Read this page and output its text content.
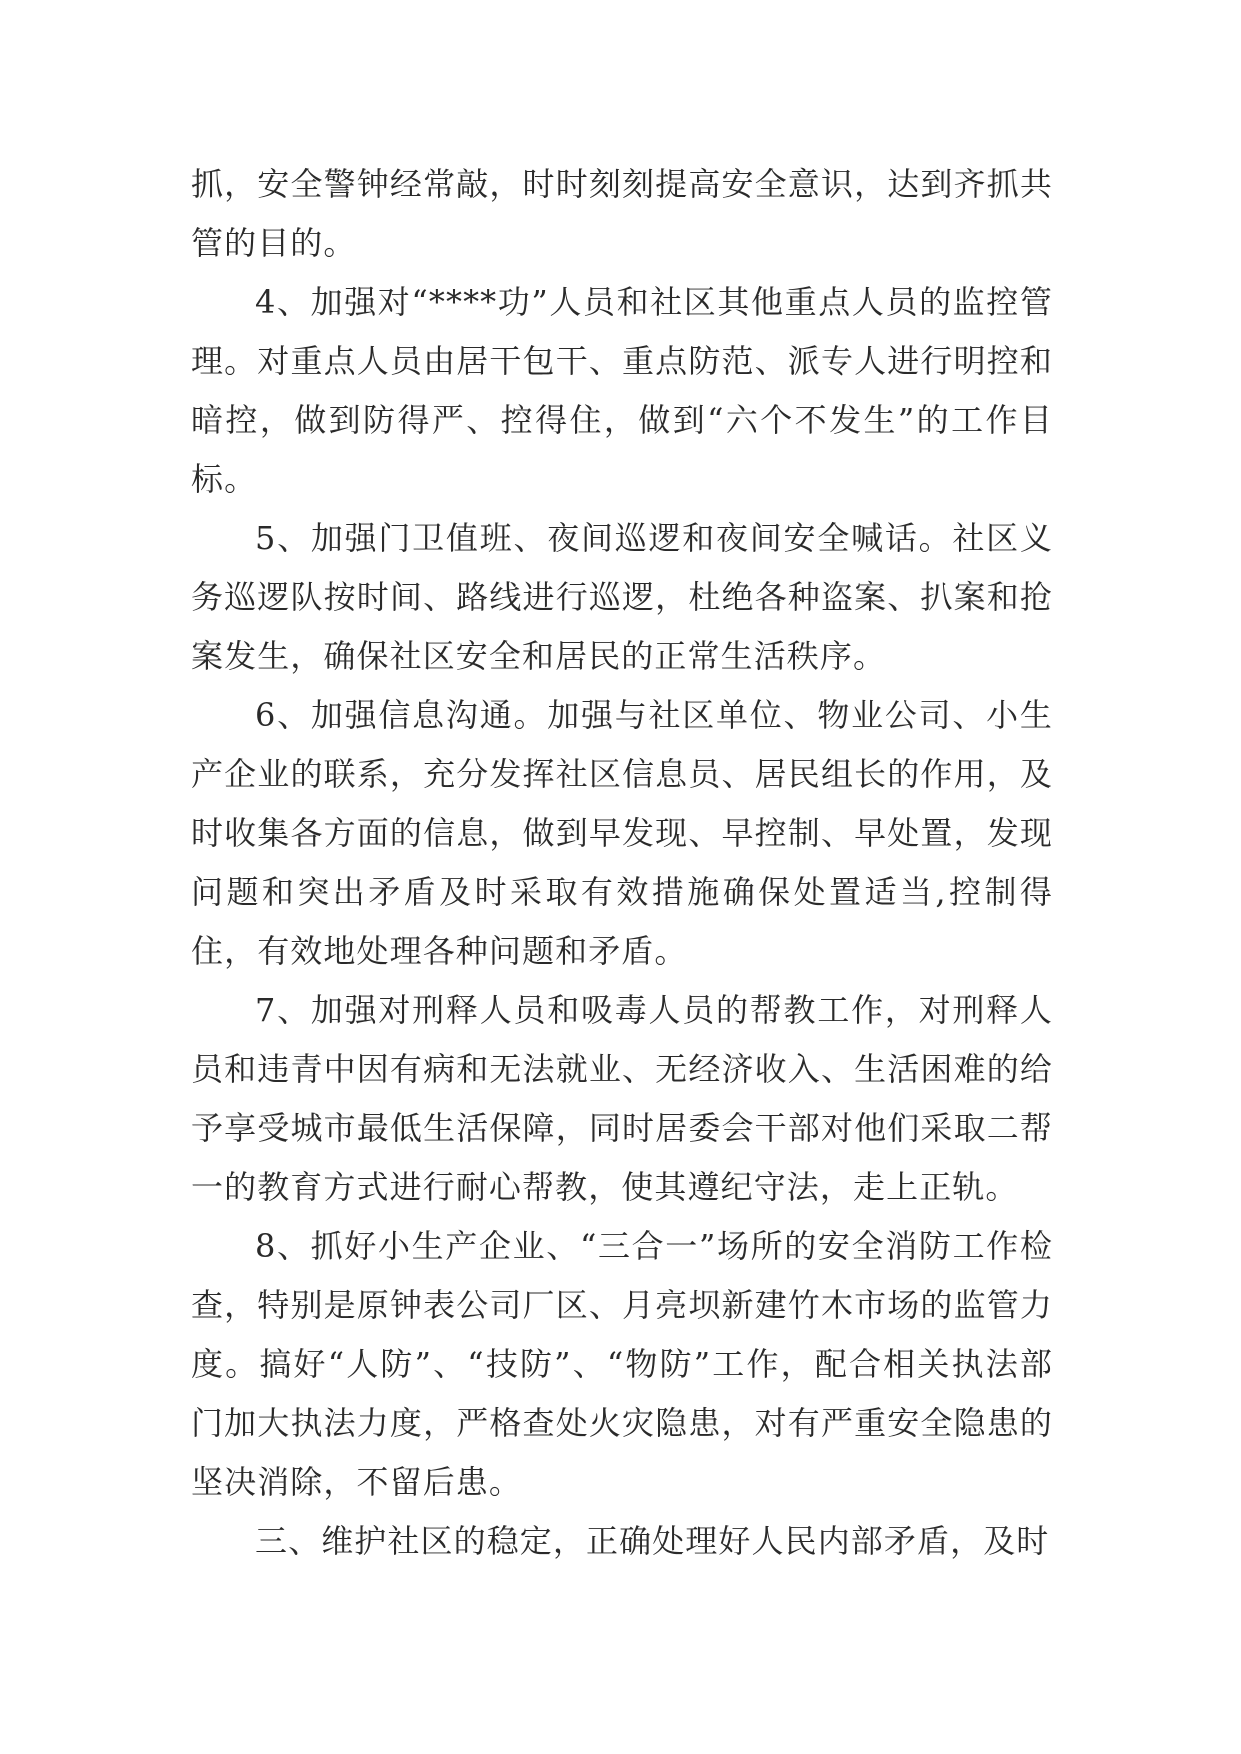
抓，安全警钟经常敲，时时刻刻提高安全意识，达到齐抓共管的目的。

4、加强对“****功”人员和社区其他重点人员的监控管理。对重点人员由居干包干、重点防范、派专人进行明控和暗控，做到防得严、控得住，做到“六个不发生”的工作目标。

5、加强门卫值班、夜间巡逻和夜间安全喊话。社区义务巡逻队按时间、路线进行巡逻，杜绝各种盗案、扒案和抢案发生，确保社区安全和居民的正常生活秩序。

6、加强信息沟通。加强与社区单位、物业公司、小生产企业的联系，充分发挥社区信息员、居民组长的作用，及时收集各方面的信息，做到早发现、早控制、早处置，发现问题和突出矛盾及时采取有效措施确保处置适当,控制得住，有效地处理各种问题和矛盾。

7、加强对刑释人员和吸毒人员的帮教工作，对刑释人员和违青中因有病和无法就业、无经济收入、生活困难的给予享受城市最低生活保障，同时居委会干部对他们采取二帮一的教育方式进行耐心帮教，使其遵纪守法，走上正轨。

8、抓好小生产企业、“三合一”场所的安全消防工作检查，特别是原钟表公司厂区、月亮坝新建竹木市场的监管力度。搞好“人防”、“技防”、“物防”工作，配合相关执法部门加大执法力度，严格查处火灾隐患，对有严重安全隐患的坚决消除，不留后患。

三、维护社区的稳定，正确处理好人民内部矛盾，及时
